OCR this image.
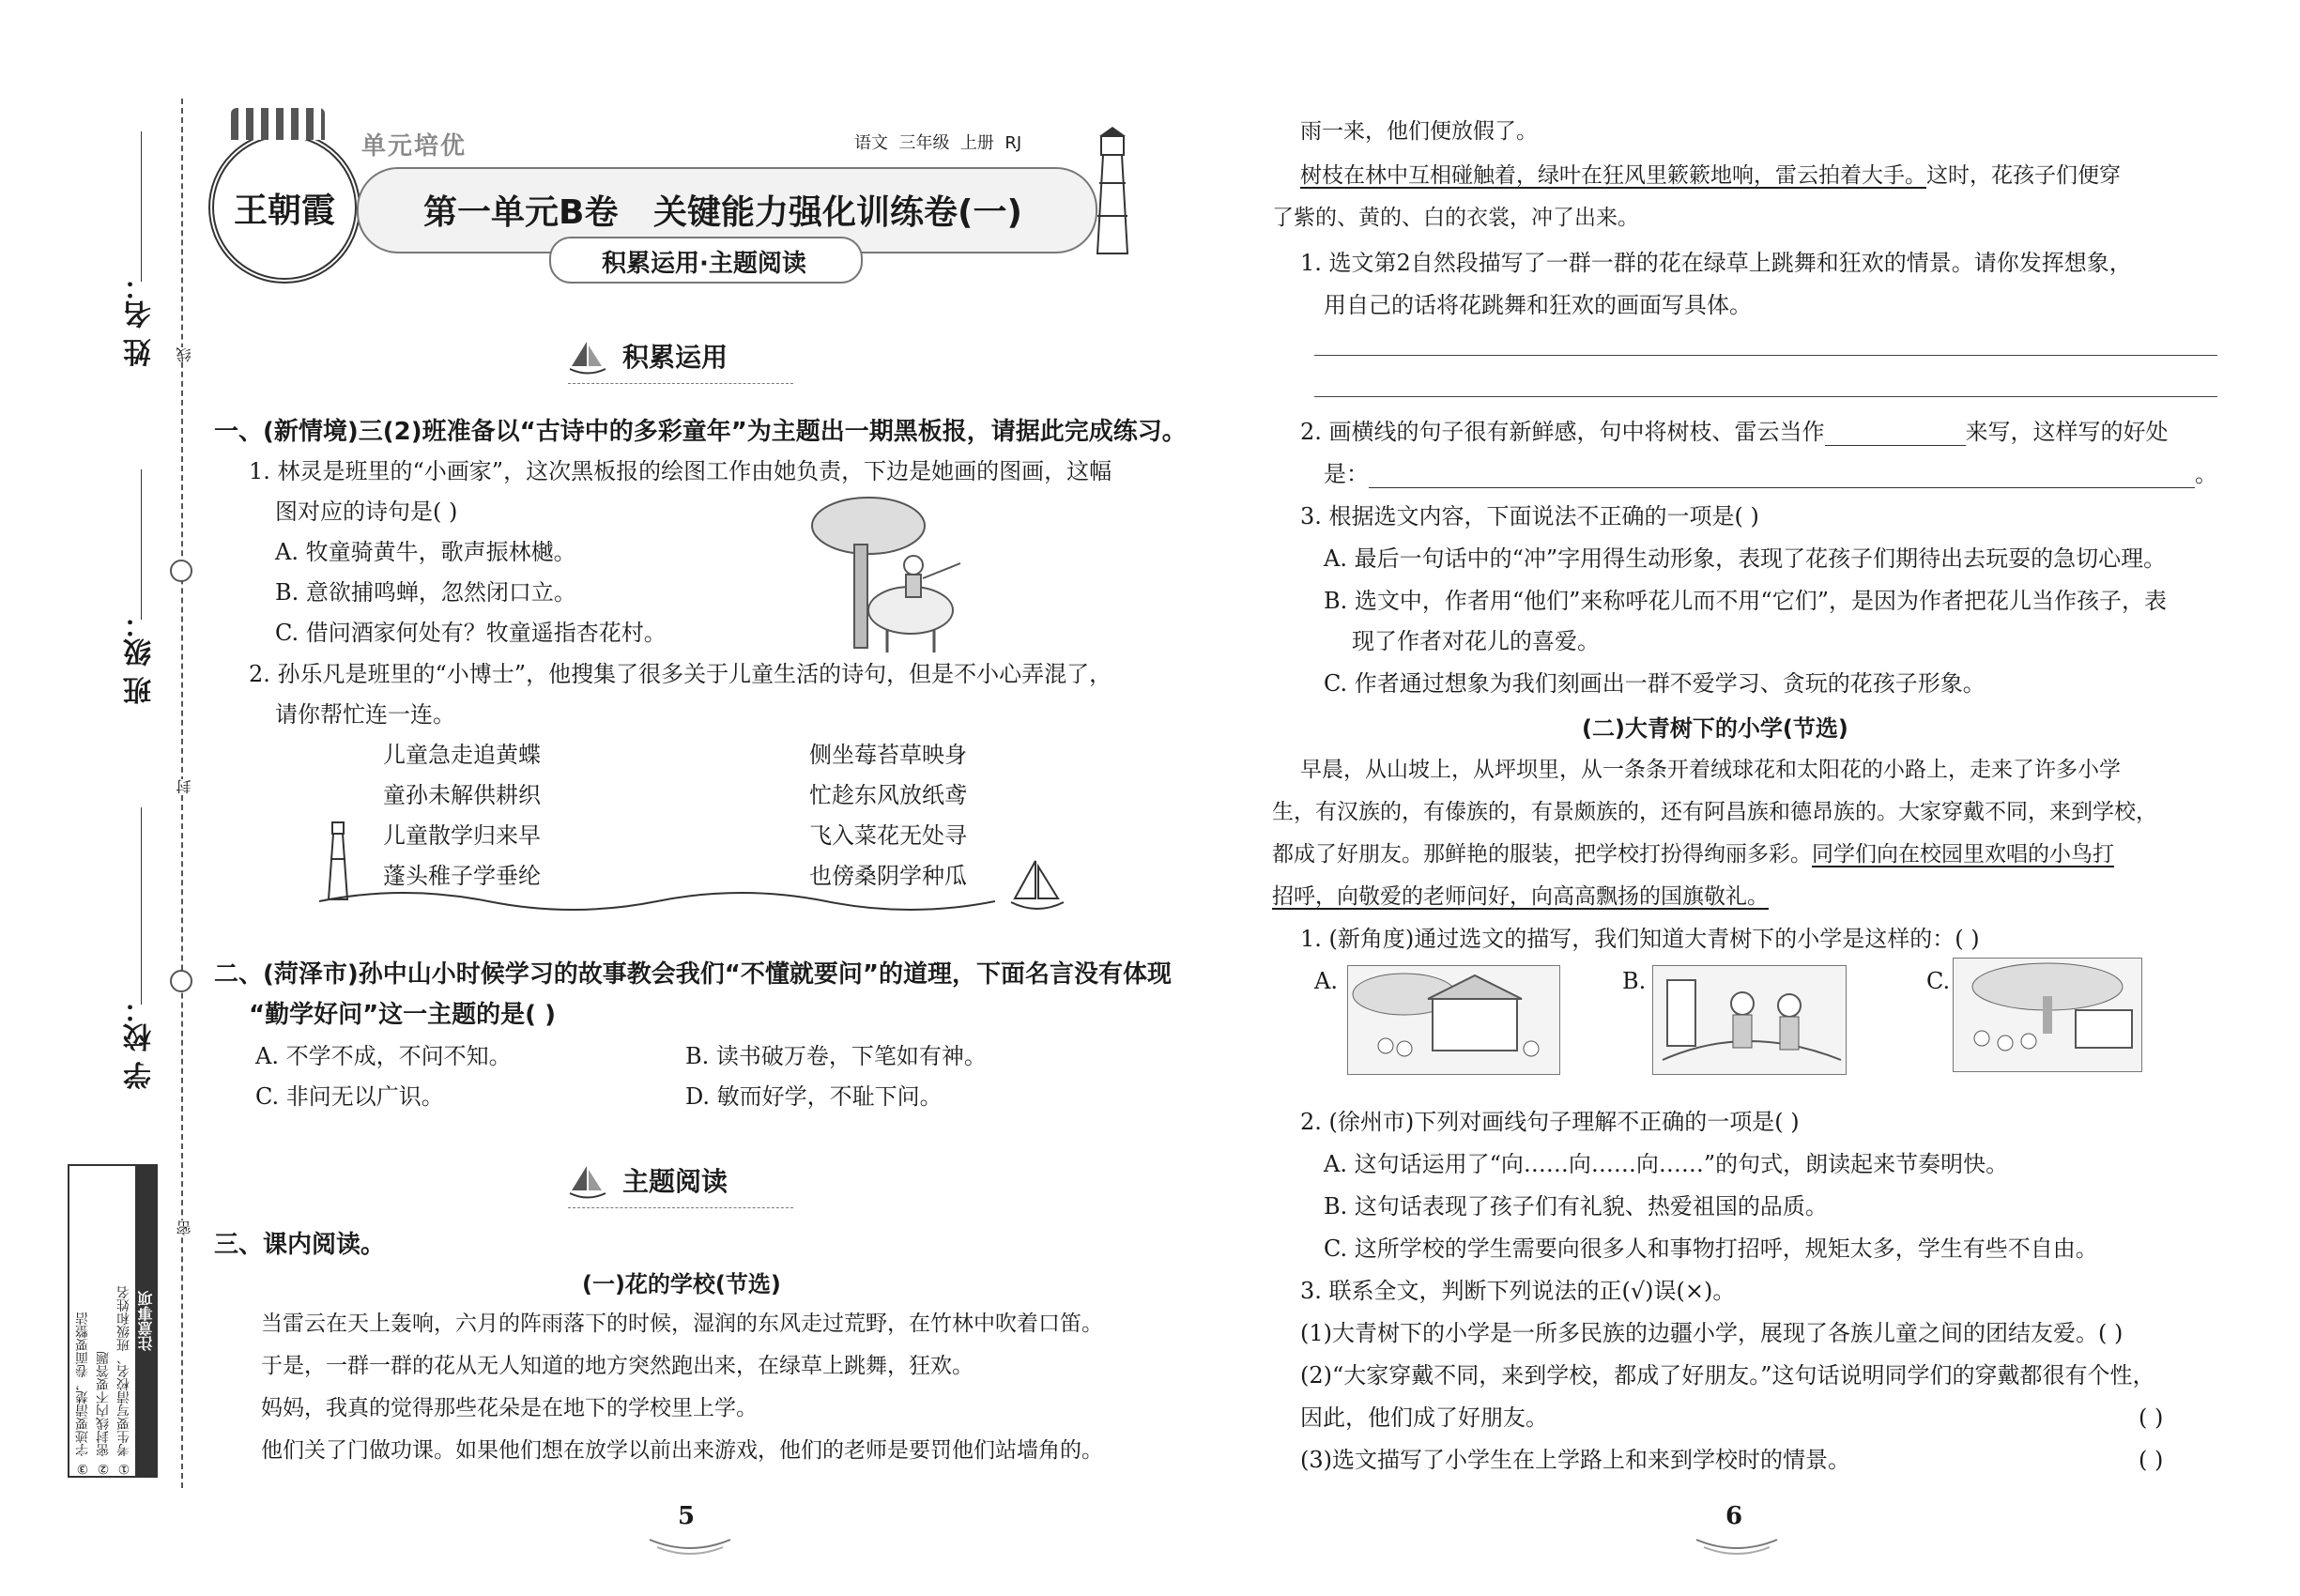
姓 名：
班 级：
学 校：
线
封
密
注意事项
① 考生要写清校名、班级和姓名
② 密封线内不要答题
③ 字迹要清楚，卷面要整洁
王朝霞
单元培优	语文  三年级  上册  RJ
第一单元B卷   关键能力强化训练卷(一)
积累运用·主题阅读
积累运用
一、(新情境)三(2)班准备以“古诗中的多彩童年”为主题出一期黑板报，请据此完成练习。
1. 林灵是班里的“小画家”，这次黑板报的绘图工作由她负责，下边是她画的图画，这幅
图对应的诗句是( )
A. 牧童骑黄牛，歌声振林樾。
B. 意欲捕鸣蝉，忽然闭口立。
C. 借问酒家何处有？牧童遥指杏花村。
2. 孙乐凡是班里的“小博士”，他搜集了很多关于儿童生活的诗句，但是不小心弄混了，
请你帮忙连一连。
儿童急走追黄蝶
童孙未解供耕织
儿童散学归来早
蓬头稚子学垂纶
侧坐莓苔草映身
忙趁东风放纸鸢
飞入菜花无处寻
也傍桑阴学种瓜
二、(菏泽市)孙中山小时候学习的故事教会我们“不懂就要问”的道理，下面名言没有体现
“勤学好问”这一主题的是( )
A. 不学不成，不问不知。	B. 读书破万卷，下笔如有神。
C. 非问无以广识。	D. 敏而好学，不耻下问。
主题阅读
三、课内阅读。
(一)花的学校(节选)
当雷云在天上轰响，六月的阵雨落下的时候，湿润的东风走过荒野，在竹林中吹着口笛。
于是，一群一群的花从无人知道的地方突然跑出来，在绿草上跳舞，狂欢。
妈妈，我真的觉得那些花朵是在地下的学校里上学。
他们关了门做功课。如果他们想在放学以前出来游戏，他们的老师是要罚他们站墙角的。
5
雨一来，他们便放假了。
树枝在林中互相碰触着，绿叶在狂风里簌簌地响，雷云拍着大手。这时，花孩子们便穿
了紫的、黄的、白的衣裳，冲了出来。
1. 选文第2自然段描写了一群一群的花在绿草上跳舞和狂欢的情景。请你发挥想象，
用自己的话将花跳舞和狂欢的画面写具体。
2. 画横线的句子很有新鲜感，句中将树枝、雷云当作	来写，这样写的好处
是：	。
3. 根据选文内容，下面说法不正确的一项是( )
A. 最后一句话中的“冲”字用得生动形象，表现了花孩子们期待出去玩耍的急切心理。
B. 选文中，作者用“他们”来称呼花儿而不用“它们”，是因为作者把花儿当作孩子，表
现了作者对花儿的喜爱。
C. 作者通过想象为我们刻画出一群不爱学习、贪玩的花孩子形象。
(二)大青树下的小学(节选)
早晨，从山坡上，从坪坝里，从一条条开着绒球花和太阳花的小路上，走来了许多小学
生，有汉族的，有傣族的，有景颇族的，还有阿昌族和德昂族的。大家穿戴不同，来到学校，
都成了好朋友。那鲜艳的服装，把学校打扮得绚丽多彩。同学们向在校园里欢唱的小鸟打
招呼，向敬爱的老师问好，向高高飘扬的国旗敬礼。
1. (新角度)通过选文的描写，我们知道大青树下的小学是这样的：( )
A.	B.	C.
2. (徐州市)下列对画线句子理解不正确的一项是( )
A. 这句话运用了“向……向……向……”的句式，朗读起来节奏明快。
B. 这句话表现了孩子们有礼貌、热爱祖国的品质。
C. 这所学校的学生需要向很多人和事物打招呼，规矩太多，学生有些不自由。
3. 联系全文，判断下列说法的正(√)误(×)。
(1)大青树下的小学是一所多民族的边疆小学，展现了各族儿童之间的团结友爱。( )
(2)“大家穿戴不同，来到学校，都成了好朋友。”这句话说明同学们的穿戴都很有个性，
因此，他们成了好朋友。	( )
(3)选文描写了小学生在上学路上和来到学校时的情景。	( )
6
